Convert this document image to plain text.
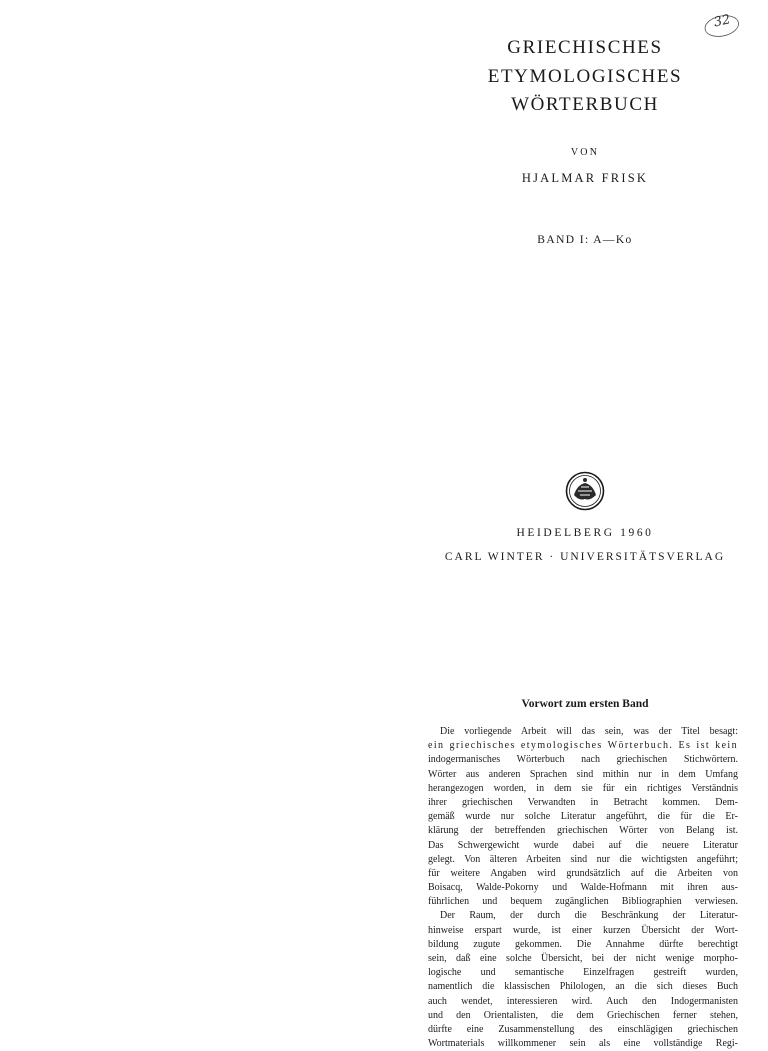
32
GRIECHISCHES
ETYMOLOGISCHES
WÖRTERBUCH
VON
HJALMAR FRISK
BAND I: A—Ko
HEIDELBERG 1960
CARL WINTER · UNIVERSITÄTSVERLAG
Vorwort zum ersten Band

Die vorliegende Arbeit will das sein, was der Titel besagt:

ein griechisches etymologisches Wörterbuch. Es ist kein

indogermanisches Wörterbuch nach griechischen Stichwörtern.

Wörter aus anderen Sprachen sind mithin nur in dem Umfang

herangezogen worden, in dem sie für ein richtiges Verständnis

ihrer griechischen Verwandten in Betracht kommen. Dem-

gemäß wurde nur solche Literatur angeführt, die für die Er-

klärung der betreffenden griechischen Wörter von Belang ist.

Das Schwergewicht wurde dabei auf die neuere Literatur

gelegt. Von älteren Arbeiten sind nur die wichtigsten angeführt;

für weitere Angaben wird grundsätzlich auf die Arbeiten von

Boisacq, Walde-Pokorny und Walde-Hofmann mit ihren aus-

führlichen und bequem zugänglichen Bibliographien verwiesen.

Der Raum, der durch die Beschränkung der Literatur-

hinweise erspart wurde, ist einer kurzen Übersicht der Wort-

bildung zugute gekommen. Die Annahme dürfte berechtigt

sein, daß eine solche Übersicht, bei der nicht wenige morpho-

logische und semantische Einzelfragen gestreift wurden,

namentlich die klassischen Philologen, an die sich dieses Buch

auch wendet, interessieren wird. Auch den Indogermanisten

und den Orientalisten, die dem Griechischen ferner stehen,

dürfte eine Zusammenstellung des einschlägigen griechischen

Wortmaterials willkommener sein als eine vollständige Regi-
